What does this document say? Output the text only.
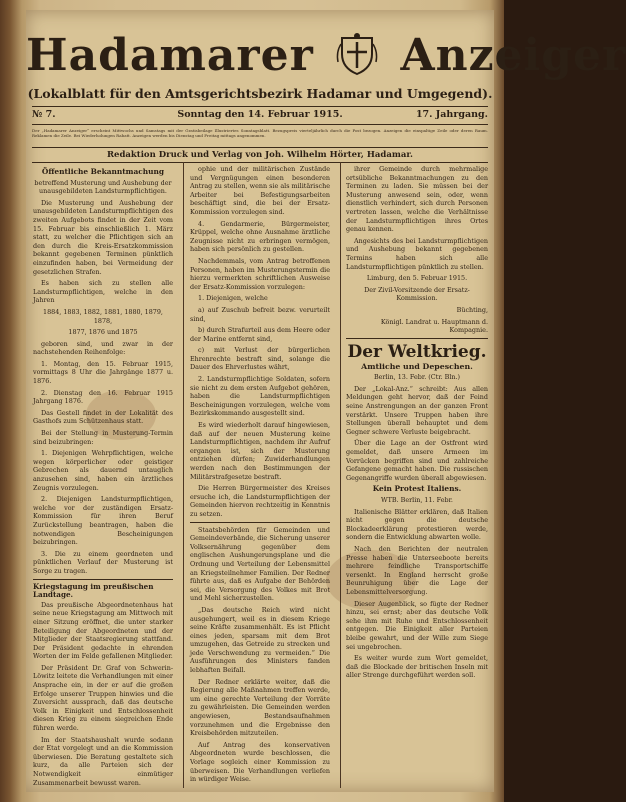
Hadamarer Anzeiger
(Lokalblatt für den Amtsgerichtsbezirk Hadamar und Umgegend).
№ 7.	Sonntag den 14. Februar 1915.	17. Jahrgang.
Der „Hadamarer Anzeiger“ erscheint Mittwochs und Samstags mit der Gratisbeilage Illustriertes Sonntagsblatt. Bezugspreis vierteljährlich durch die Post bezogen. Anzeigen die einspaltige Zeile oder deren Raum. Reklamen die Zeile. Bei Wiederholungen Rabatt. Anzeigen werden bis Dienstag und Freitag mittags angenommen.
Redaktion Druck und Verlag von Joh. Wilhelm Hörter, Hadamar.

Öffentliche Bekanntmachung

betreffend Musterung und Aushebung der unausgebildeten Landsturmpflichtigen.

Die Musterung und Aushebung der unausgebildeten Landsturmpflichtigen des zweiten Aufgebots findet in der Zeit vom 15. Februar bis einschließlich 1. März statt, zu welcher die Pflichtigen sich an den durch die Kreis-Ersatzkommission bekannt gegebenen Terminen pünktlich einzufinden haben, bei Vermeidung der gesetzlichen Strafen.

Es haben sich zu stellen alle Landsturmpflichtigen, welche in den Jahren

1884, 1883, 1882, 1881, 1880, 1879, 1878,

1877, 1876 und 1875

geboren sind, und zwar in der nachstehenden Reihenfolge:

1. Montag, den 15. Februar 1915, vormittags 8 Uhr die Jahrgänge 1877 u. 1876.

2. Dienstag den 16. Februar 1915 Jahrgang 1876.

Das Gestell findet in der Lokalität des Gasthofs zum Schützenhaus statt.

Bei der Stellung in Musterung-Termin sind beizubringen:

1. Diejenigen Wehrpflichtigen, welche wegen körperlicher oder geistiger Gebrechen als dauernd untauglich anzusehen sind, haben ein ärztliches Zeugnis vorzulegen.

2. Diejenigen Landsturmpflichtigen, welche vor der zuständigen Ersatz-Kommission für ihren Beruf Zurückstellung beantragen, haben die notwendigen Bescheinigungen beizubringen.

3. Die zu einem geordneten und pünktlichen Verlauf der Musterung ist Sorge zu tragen.

Kriegstagung im preußischen Landtage.

Das preußische Abgeordnetenhaus hat seine neue Kriegstagung am Mittwoch mit einer Sitzung eröffnet, die unter starker Beteiligung der Abgeordneten und der Mitglieder der Staatsregierung stattfand. Der Präsident gedachte in ehrenden Worten der im Felde gefallenen Mitglieder.

Der Präsident Dr. Graf von Schwerin-Löwitz leitete die Verhandlungen mit einer Ansprache ein, in der er auf die großen Erfolge unserer Truppen hinwies und die Zuversicht aussprach, daß das deutsche Volk in Einigkeit und Entschlossenheit diesen Krieg zu einem siegreichen Ende führen werde.

Im der Staatshaushalt wurde sodann der Etat vorgelegt und an die Kommission überwiesen. Die Beratung gestaltete sich kurz, da alle Parteien sich der Notwendigkeit einmütiger Zusammenarbeit bewusst waren.

ophie und der militärischen Zustände und Vergnügungen einen besonderen Antrag zu stellen, wenn sie als militärische Arbeiter bei Befestigungsarbeiten beschäftigt sind, die bei der Ersatz-Kommission vorzulegen sind.

4. Gendarmerie, Bürgermeister, Krüppel, welche ohne Ausnahme ärztliche Zeugnisse nicht zu erbringen vermögen, haben sich persönlich zu gestellen.

Nachdemmals, vom Antrag betroffenen Personen, haben im Musterungstermin die hierzu vermerkten schriftlichen Ausweise der Ersatz-Kommission vorzulegen:

1. Diejenigen, welche

a) auf Zuschub befreit bezw. verurteilt sind,

b) durch Strafurteil aus dem Heere oder der Marine entfernt sind,

c) mit Verlust der bürgerlichen Ehrenrechte bestraft sind, solange die Dauer des Ehrverlustes währt,

2. Landsturmpflichtige Soldaten, sofern sie nicht zu dem ersten Aufgebot gehören, haben die Landsturmpflichtigen Bescheinigungen vorzulegen, welche vom Bezirkskommando ausgestellt sind.

Es wird wiederholt darauf hingewiesen, daß auf der neuen Musterung keine Landsturmpflichtigen, nachdem ihr Aufruf ergangen ist, sich der Musterung entziehen dürfen; Zuwiderhandlungen werden nach den Bestimmungen der Militärstrafgesetze bestraft.

Die Herren Bürgermeister des Kreises ersuche ich, die Landsturmpflichtigen der Gemeinden hiervon rechtzeitig in Kenntnis zu setzen.

Staatsbehörden für Gemeinden und Gemeindeverbände, die Sicherung unserer Volksernährung gegenüber dem englischen Aushungerungsplane und die Ordnung und Verteilung der Lebensmittel an Kriegsteilnehmer Familien. Der Redner führte aus, daß es Aufgabe der Behörden sei, die Versorgung des Volkes mit Brot und Mehl sicherzustellen.

„Das deutsche Reich wird nicht ausgehungert, weil es in diesem Kriege seine Kräfte zusammenhält. Es ist Pflicht eines jeden, sparsam mit dem Brot umzugehen, das Getreide zu strecken und jede Verschwendung zu vermeiden.“ Die Ausführungen des Ministers fanden lebhaften Beifall.

Der Redner erklärte weiter, daß die Regierung alle Maßnahmen treffen werde, um eine gerechte Verteilung der Vorräte zu gewährleisten. Die Gemeinden werden angewiesen, Bestandsaufnahmen vorzunehmen und die Ergebnisse den Kreisbehörden mitzuteilen.

Auf Antrag des konservativen Abgeordneten wurde beschlossen, die Vorlage sogleich einer Kommission zu überweisen. Die Verhandlungen verliefen in würdiger Weise.

ihrer Gemeinde durch mehrmalige ortsübliche Bekanntmachungen zu den Terminen zu laden. Sie müssen bei der Musterung anwesend sein, oder, wenn dienstlich verhindert, sich durch Personen vertreten lassen, welche die Verhältnisse der Landsturmpflichtigen ihres Ortes genau kennen.

Angesichts des bei Landsturmpflichtigen und Aushebung bekannt gegebenen Termins haben sich alle Landsturmpflichtigen pünktlich zu stellen.

Limburg, den 5. Februar 1915.

Der Zivil-Vorsitzende der Ersatz-Kommission.

Büchting,

Königl. Landrat u. Hauptmann d. Kompagnie.

Der Weltkrieg.

Amtliche und Depeschen.

Berlin, 13. Febr. (Ctr. Bln.)

Der „Lokal-Anz.“ schreibt: Aus allen Meldungen geht hervor, daß der Feind seine Anstrengungen an der ganzen Front verstärkt. Unsere Truppen haben ihre Stellungen überall behauptet und dem Gegner schwere Verluste beigebracht.

Über die Lage an der Ostfront wird gemeldet, daß unsere Armeen im Vorrücken begriffen sind und zahlreiche Gefangene gemacht haben. Die russischen Gegenangriffe wurden überall abgewiesen.

Kein Protest Italiens.

WTB. Berlin, 11. Febr.

Italienische Blätter erklären, daß Italien nicht gegen die deutsche Blockadeerklärung protestieren werde, sondern die Entwicklung abwarten wolle.

Nach den Berichten der neutralen Presse haben die Unterseeboote bereits mehrere feindliche Transportschiffe versenkt. In England herrscht große Beunruhigung über die Lage der Lebensmittelversorgung.

Dieser Augenblick, so fügte der Redner hinzu, sei ernst; aber das deutsche Volk sehe ihm mit Ruhe und Entschlossenheit entgegen. Die Einigkeit aller Parteien bleibe gewahrt, und der Wille zum Siege sei ungebrochen.

Es weiter wurde zum Wort gemeldet, daß die Blockade der britischen Inseln mit aller Strenge durchgeführt werden soll.
